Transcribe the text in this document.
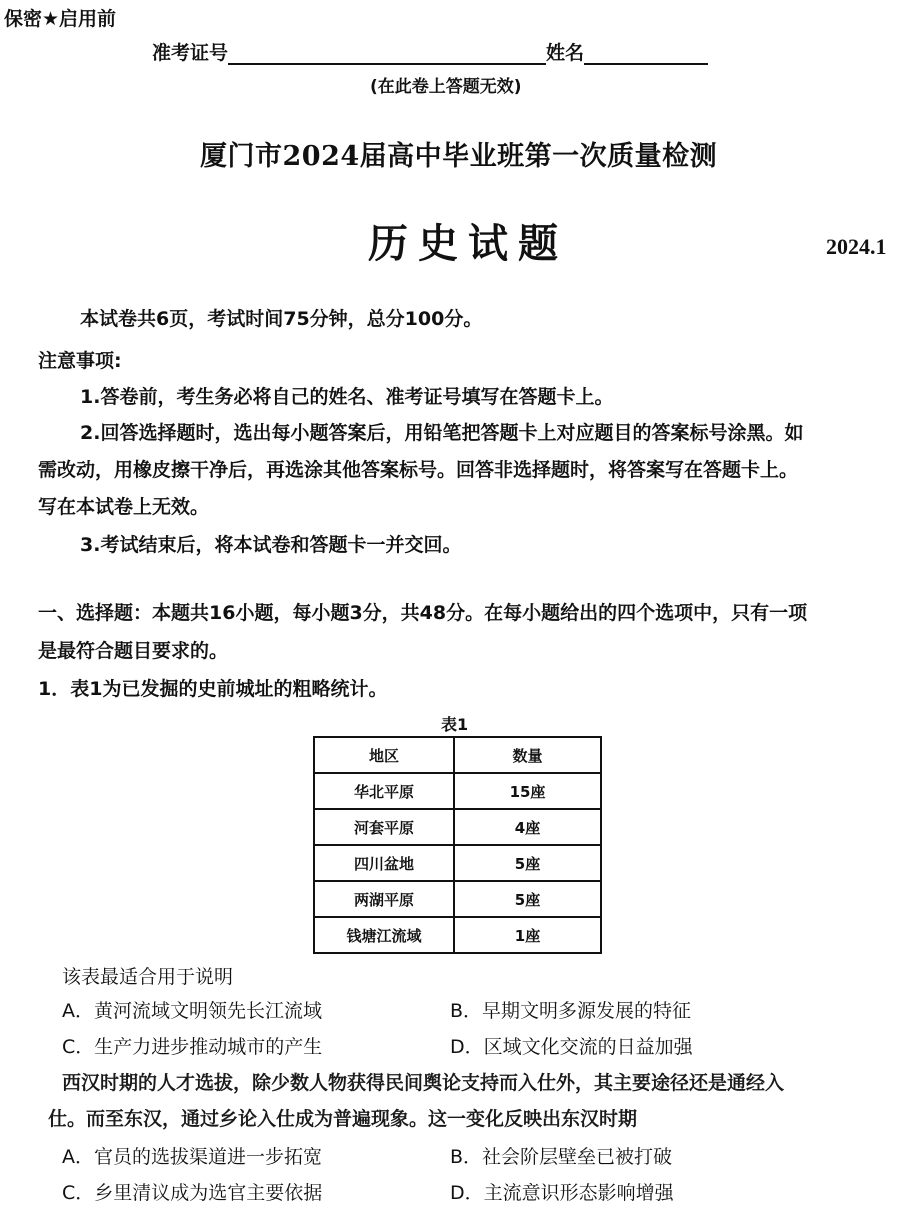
保密★启用前
准考证号	姓名
(在此卷上答题无效)
厦门市2024届高中毕业班第一次质量检测
历史试题	2024.1
本试卷共6页，考试时间75分钟，总分100分。
注意事项:
1.答卷前，考生务必将自己的姓名、准考证号填写在答题卡上。
2.回答选择题时，选出每小题答案后，用铅笔把答题卡上对应题目的答案标号涂黑。如
需改动，用橡皮擦干净后，再选涂其他答案标号。回答非选择题时，将答案写在答题卡上。
写在本试卷上无效。
3.考试结束后，将本试卷和答题卡一并交回。
一、选择题：本题共16小题，每小题3分，共48分。在每小题给出的四个选项中，只有一项
是最符合题目要求的。
1．表1为已发掘的史前城址的粗略统计。
表1
地区	数量
华北平原	15座
河套平原	4座
四川盆地	5座
两湖平原	5座
钱塘江流域	1座
该表最适合用于说明
A．黄河流域文明领先长江流域	B．早期文明多源发展的特征
C．生产力进步推动城市的产生	D．区域文化交流的日益加强
西汉时期的人才选拔，除少数人物获得民间舆论支持而入仕外，其主要途径还是通经入
仕。而至东汉，通过乡论入仕成为普遍现象。这一变化反映出东汉时期
A．官员的选拔渠道进一步拓宽	B．社会阶层壁垒已被打破
C．乡里清议成为选官主要依据	D．主流意识形态影响增强
